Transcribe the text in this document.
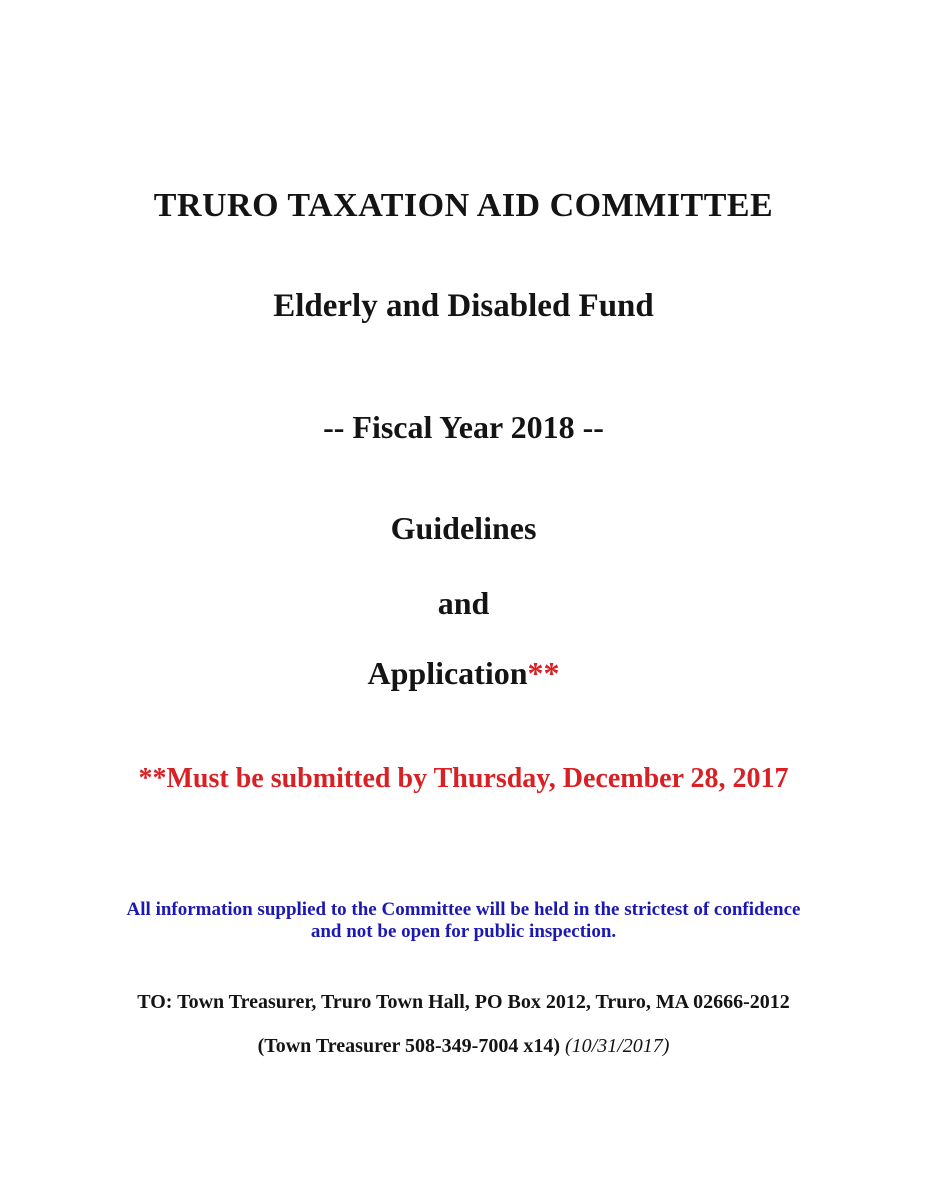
TRURO TAXATION AID COMMITTEE
Elderly and Disabled Fund
-- Fiscal Year 2018 --
Guidelines
and
Application**
**Must be submitted by Thursday, December 28, 2017
All information supplied to the Committee will be held in the strictest of confidence
and not be open for public inspection.
TO: Town Treasurer, Truro Town Hall, PO Box 2012, Truro, MA 02666-2012
(Town Treasurer 508-349-7004 x14) (10/31/2017)
